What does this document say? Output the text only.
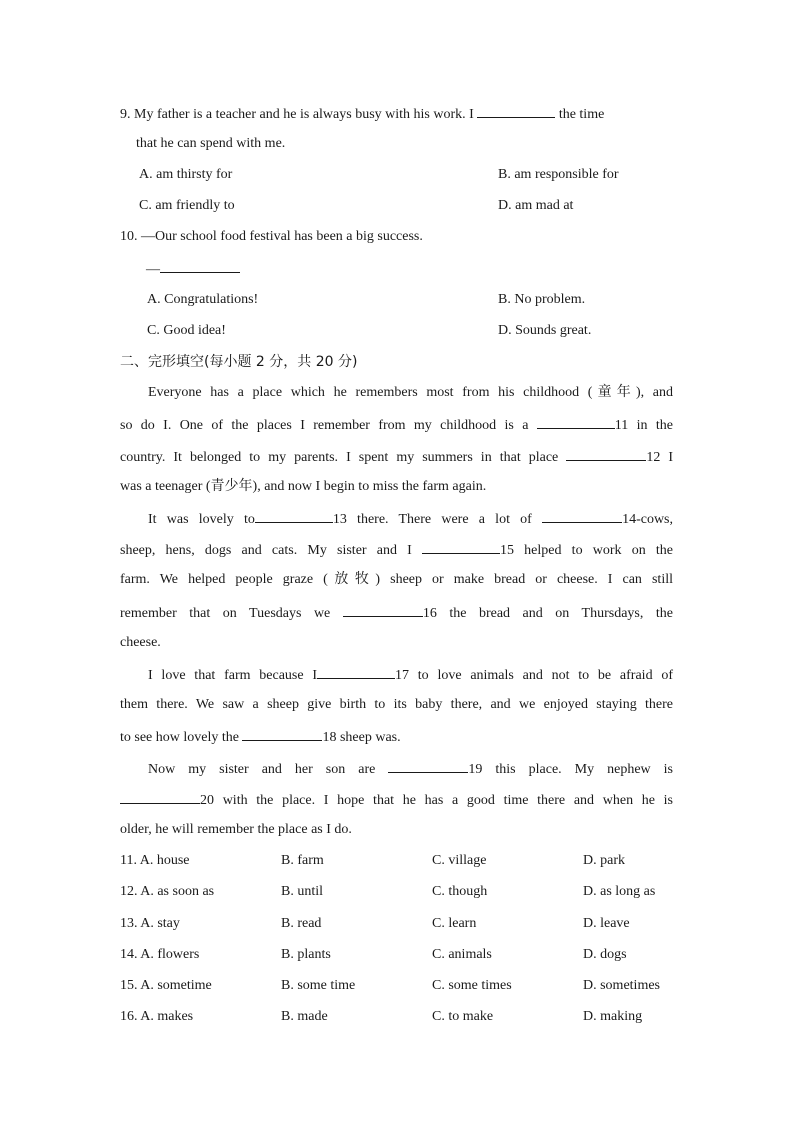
9. My father is a teacher and he is always busy with his work. I	the time
that he can spend with me.
A. am thirsty for	B. am responsible for
C. am friendly to	D. am mad at
10. —Our school food festival has been a big success.
—
A. Congratulations!	B. No problem.
C. Good idea!	D. Sounds great.
二、完形填空(每小题 2 分，共 20 分)
Everyone has a place which he remembers most from his childhood (童年), and
so do I. One of the places I remember from my childhood is a	11 in the
country. It belonged to my parents. I spent my summers in that place	12 I
was a teenager (青少年), and now I begin to miss the farm again.
It was lovely to	13 there. There were a lot of	14-cows,
sheep, hens, dogs and cats. My sister and I	15 helped to work on the
farm. We helped people graze (放牧) sheep or make bread or cheese. I can still
remember that on Tuesdays we	16 the bread and on Thursdays, the
cheese.
I love that farm because I	17 to love animals and not to be afraid of
them there. We saw a sheep give birth to its baby there, and we enjoyed staying there
to see how lovely the	18 sheep was.
Now my sister and her son are	19 this place. My nephew is
20 with the place. I hope that he has a good time there and when he is
older, he will remember the place as I do.
11. A. house	B. farm	C. village	D. park
12. A. as soon as	B. until	C. though	D. as long as
13. A. stay	B. read	C. learn	D. leave
14. A. flowers	B. plants	C. animals	D. dogs
15. A. sometime	B. some time	C. some times	D. sometimes
16. A. makes	B. made	C. to make	D. making
